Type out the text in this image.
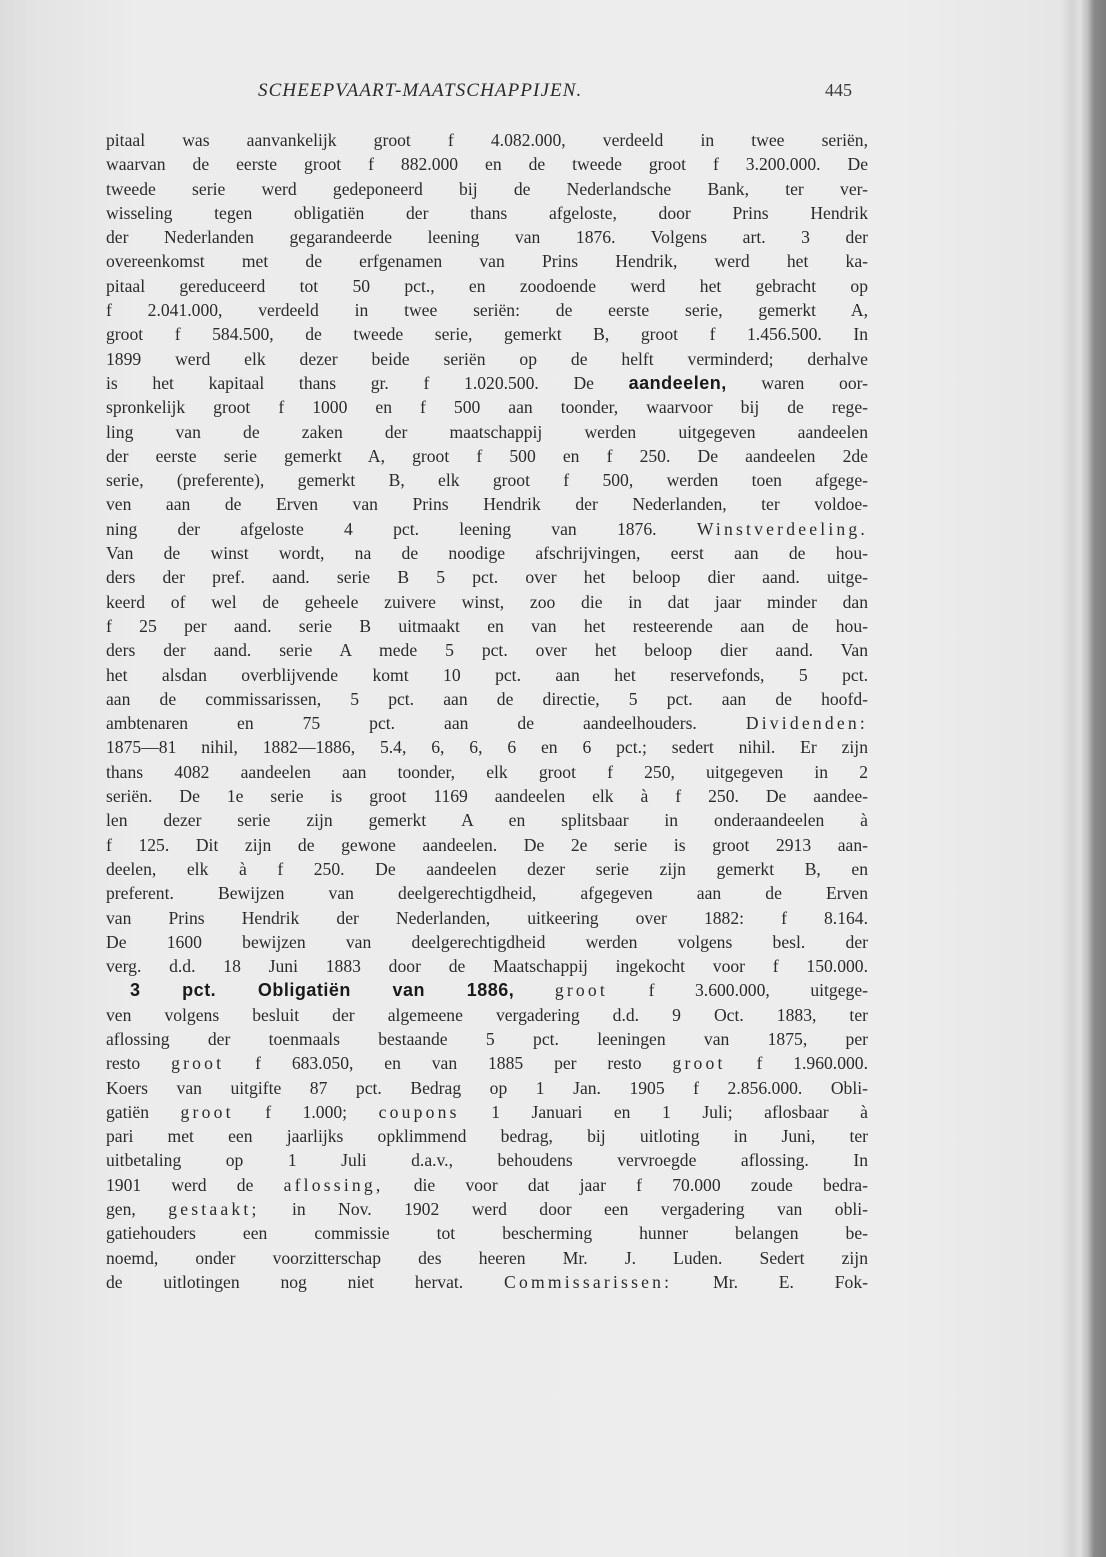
SCHEEPVAART-MAATSCHAPPIJEN.	445
pitaal was aanvankelijk groot f 4.082.000, verdeeld in twee seriën,
waarvan de eerste groot f 882.000 en de tweede groot f 3.200.000. De
tweede serie werd gedeponeerd bij de Nederlandsche Bank, ter ver-
wisseling tegen obligatiën der thans afgeloste, door Prins Hendrik
der Nederlanden gegarandeerde leening van 1876. Volgens art. 3 der
overeenkomst met de erfgenamen van Prins Hendrik, werd het ka-
pitaal gereduceerd tot 50 pct., en zoodoende werd het gebracht op
f 2.041.000, verdeeld in twee seriën: de eerste serie, gemerkt A,
groot f 584.500, de tweede serie, gemerkt B, groot f 1.456.500. In
1899 werd elk dezer beide seriën op de helft verminderd; derhalve
is het kapitaal thans gr. f 1.020.500. De aandeelen, waren oor-
spronkelijk groot f 1000 en f 500 aan toonder, waarvoor bij de rege-
ling van de zaken der maatschappij werden uitgegeven aandeelen
der eerste serie gemerkt A, groot f 500 en f 250. De aandeelen 2de
serie, (preferente), gemerkt B, elk groot f 500, werden toen afgege-
ven aan de Erven van Prins Hendrik der Nederlanden, ter voldoe-
ning der afgeloste 4 pct. leening van 1876. Winstverdeeling.
Van de winst wordt, na de noodige afschrijvingen, eerst aan de hou-
ders der pref. aand. serie B 5 pct. over het beloop dier aand. uitge-
keerd of wel de geheele zuivere winst, zoo die in dat jaar minder dan
f 25 per aand. serie B uitmaakt en van het resteerende aan de hou-
ders der aand. serie A mede 5 pct. over het beloop dier aand. Van
het alsdan overblijvende komt 10 pct. aan het reservefonds, 5 pct.
aan de commissarissen, 5 pct. aan de directie, 5 pct. aan de hoofd-
ambtenaren en 75 pct. aan de aandeelhouders. Dividenden:
1875—81 nihil, 1882—1886, 5.4, 6, 6, 6 en 6 pct.; sedert nihil. Er zijn
thans 4082 aandeelen aan toonder, elk groot f 250, uitgegeven in 2
seriën. De 1e serie is groot 1169 aandeelen elk à f 250. De aandee-
len dezer serie zijn gemerkt A en splitsbaar in onderaandeelen à
f 125. Dit zijn de gewone aandeelen. De 2e serie is groot 2913 aan-
deelen, elk à f 250. De aandeelen dezer serie zijn gemerkt B, en
preferent. Bewijzen van deelgerechtigdheid, afgegeven aan de Erven
van Prins Hendrik der Nederlanden, uitkeering over 1882: f 8.164.
De 1600 bewijzen van deelgerechtigdheid werden volgens besl. der
verg. d.d. 18 Juni 1883 door de Maatschappij ingekocht voor f 150.000.
3 pct. Obligatiën van 1886, groot f 3.600.000, uitgege-
ven volgens besluit der algemeene vergadering d.d. 9 Oct. 1883, ter
aflossing der toenmaals bestaande 5 pct. leeningen van 1875, per
resto groot f 683.050, en van 1885 per resto groot f 1.960.000.
Koers van uitgifte 87 pct. Bedrag op 1 Jan. 1905 f 2.856.000. Obli-
gatiën groot f 1.000; coupons 1 Januari en 1 Juli; aflosbaar à
pari met een jaarlijks opklimmend bedrag, bij uitloting in Juni, ter
uitbetaling op 1 Juli d.a.v., behoudens vervroegde aflossing. In
1901 werd de aflossing, die voor dat jaar f 70.000 zoude bedra-
gen, gestaakt; in Nov. 1902 werd door een vergadering van obli-
gatiehouders een commissie tot bescherming hunner belangen be-
noemd, onder voorzitterschap des heeren Mr. J. Luden. Sedert zijn
de uitlotingen nog niet hervat. Commissarissen: Mr. E. Fok-
